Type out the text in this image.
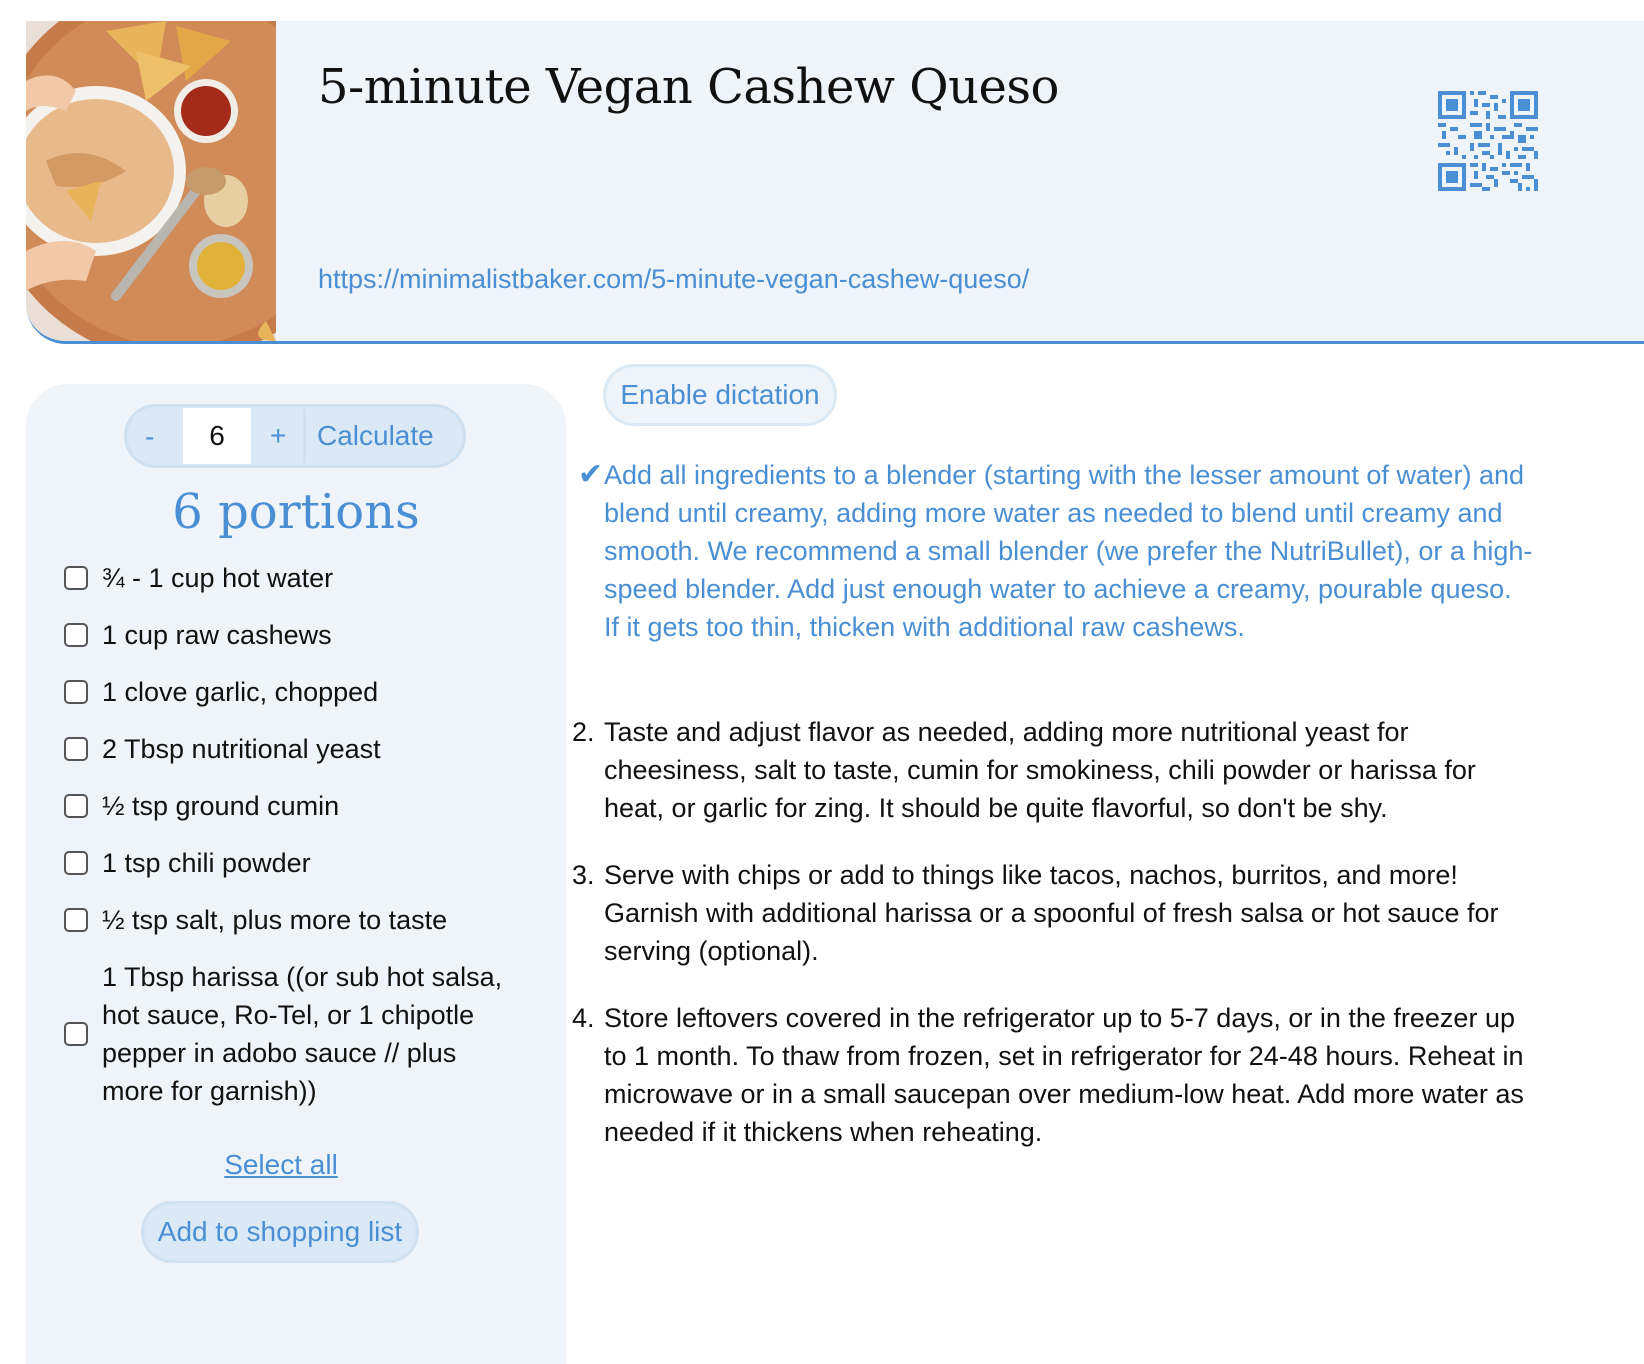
5-minute Vegan Cashew Queso
https://minimalistbaker.com/5-minute-vegan-cashew-queso/
-
6	+ Calculate
6 portions
¾ - 1 cup hot water
1 cup raw cashews
1 clove garlic, chopped
2 Tbsp nutritional yeast
½ tsp ground cumin
1 tsp chili powder
½ tsp salt, plus more to taste
1 Tbsp harissa ((or sub hot salsa, hot sauce, Ro-Tel, or 1 chipotle pepper in adobo sauce // plus more for garnish))
Select all
Add to shopping list
Enable dictation
✔ Add all ingredients to a blender (starting with the lesser amount of water) and blend until creamy, adding more water as needed to blend until creamy and smooth. We recommend a small blender (we prefer the NutriBullet), or a high-speed blender. Add just enough water to achieve a creamy, pourable queso. If it gets too thin, thicken with additional raw cashews.
2. Taste and adjust flavor as needed, adding more nutritional yeast for cheesiness, salt to taste, cumin for smokiness, chili powder or harissa for heat, or garlic for zing. It should be quite flavorful, so don't be shy.
3. Serve with chips or add to things like tacos, nachos, burritos, and more! Garnish with additional harissa or a spoonful of fresh salsa or hot sauce for serving (optional).
4. Store leftovers covered in the refrigerator up to 5-7 days, or in the freezer up to 1 month. To thaw from frozen, set in refrigerator for 24-48 hours. Reheat in microwave or in a small saucepan over medium-low heat. Add more water as needed if it thickens when reheating.
